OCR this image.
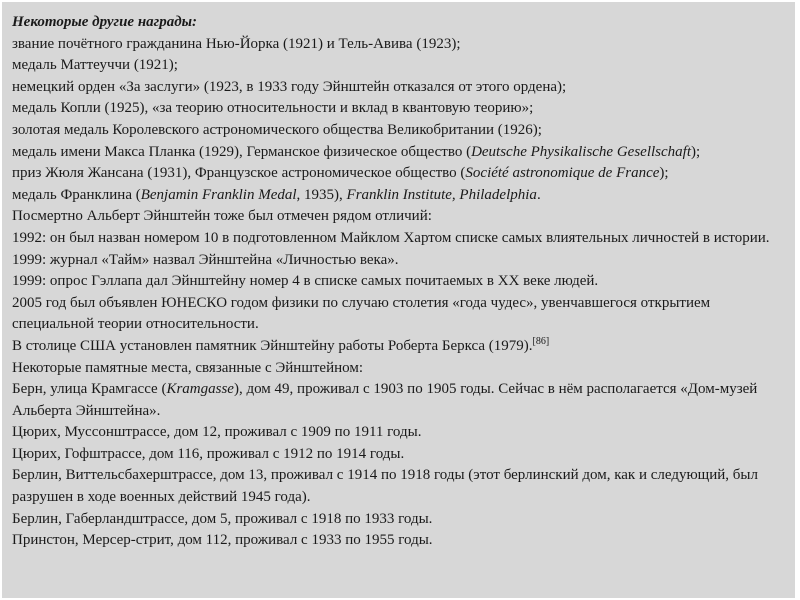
Некоторые другие награды:
звание почётного гражданина Нью-Йорка (1921) и Тель-Авива (1923);
медаль Маттеуччи (1921);
немецкий орден «За заслуги» (1923, в 1933 году Эйнштейн отказался от этого ордена);
медаль Копли (1925), «за теорию относительности и вклад в квантовую теорию»;
золотая медаль Королевского астрономического общества Великобритании (1926);
медаль имени Макса Планка (1929), Германское физическое общество (Deutsche Physikalische Gesellschaft);
приз Жюля Жансана (1931), Французское астрономическое общество (Société astronomique de France);
медаль Франклина (Benjamin Franklin Medal, 1935), Franklin Institute, Philadelphia.
Посмертно Альберт Эйнштейн тоже был отмечен рядом отличий:
1992: он был назван номером 10 в подготовленном Майклом Хартом списке самых влиятельных личностей в истории.
1999: журнал «Тайм» назвал Эйнштейна «Личностью века».
1999: опрос Гэллапа дал Эйнштейну номер 4 в списке самых почитаемых в XX веке людей.
2005 год был объявлен ЮНЕСКО годом физики по случаю столетия «года чудес», увенчавшегося открытием специальной теории относительности.
В столице США установлен памятник Эйнштейну работы Роберта Беркса (1979).[86]
Некоторые памятные места, связанные с Эйнштейном:
Берн, улица Крамгассе (Kramgasse), дом 49, проживал с 1903 по 1905 годы. Сейчас в нём располагается «Дом-музей Альберта Эйнштейна».
Цюрих, Муссонштрассе, дом 12, проживал с 1909 по 1911 годы.
Цюрих, Гофштрассе, дом 116, проживал с 1912 по 1914 годы.
Берлин, Виттельсбахерштрассе, дом 13, проживал с 1914 по 1918 годы (этот берлинский дом, как и следующий, был разрушен в ходе военных действий 1945 года).
Берлин, Габерландштрассе, дом 5, проживал с 1918 по 1933 годы.
Принстон, Мерсер-стрит, дом 112, проживал с 1933 по 1955 годы.
